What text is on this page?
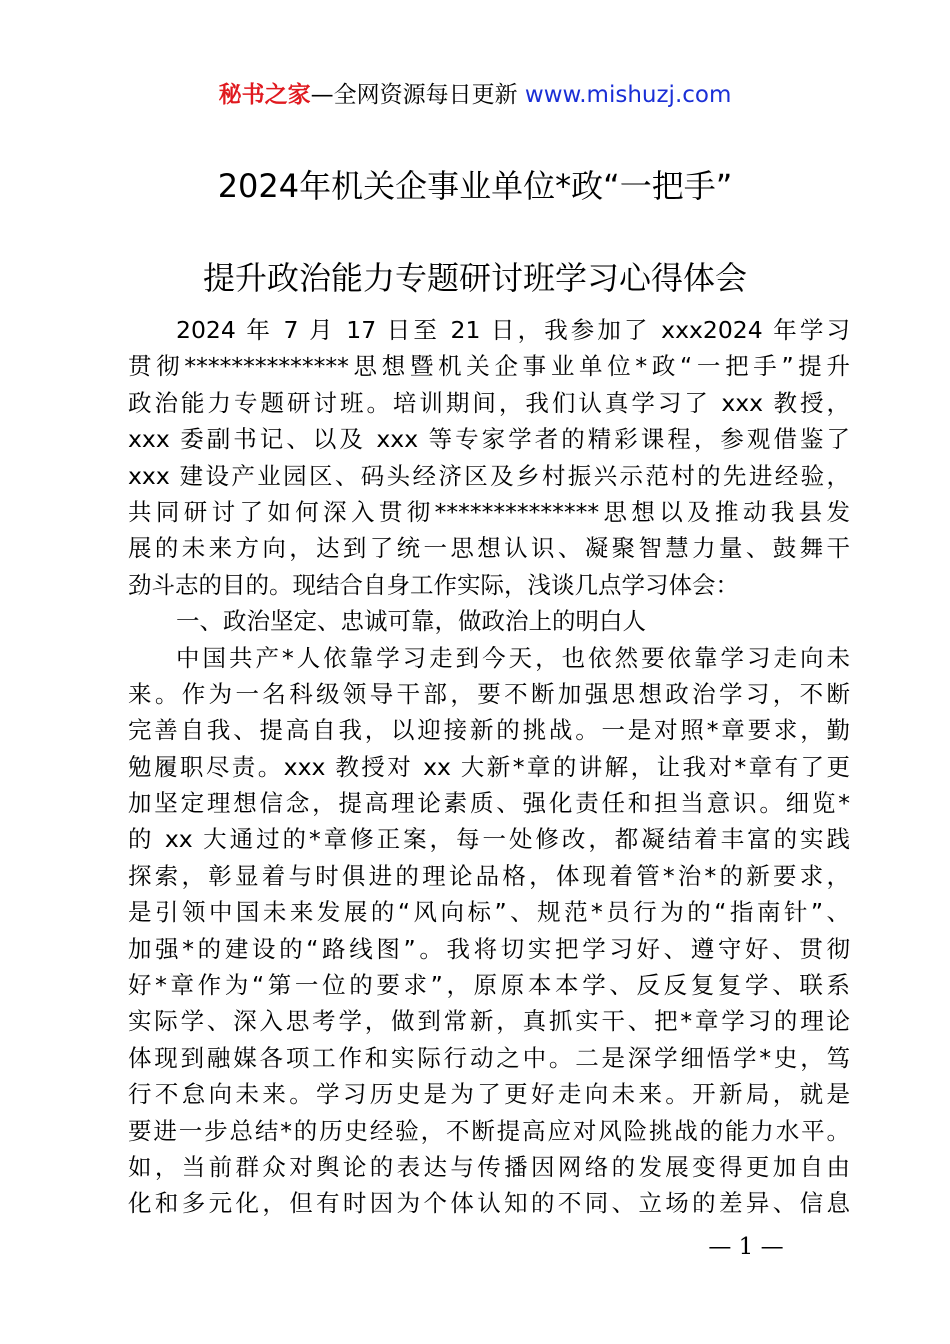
秘书之家—全网资源每日更新 www.mishuzj.com
2024年机关企事业单位*政“一把手”
提升政治能力专题研讨班学习心得体会
2024 年 7 月 17 日至 21 日，我参加了 xxx2024 年学习
贯彻**************思想暨机关企事业单位*政“一把手”提升
政治能力专题研讨班。培训期间，我们认真学习了 xxx 教授，
xxx 委副书记、以及 xxx 等专家学者的精彩课程，参观借鉴了
xxx 建设产业园区、码头经济区及乡村振兴示范村的先进经验，
共同研讨了如何深入贯彻**************思想以及推动我县发
展的未来方向，达到了统一思想认识、凝聚智慧力量、鼓舞干
劲斗志的目的。现结合自身工作实际，浅谈几点学习体会：
一、政治坚定、忠诚可靠，做政治上的明白人
中国共产*人依靠学习走到今天，也依然要依靠学习走向未
来。作为一名科级领导干部，要不断加强思想政治学习，不断
完善自我、提高自我，以迎接新的挑战。一是对照*章要求，勤
勉履职尽责。xxx 教授对 xx 大新*章的讲解，让我对*章有了更
加坚定理想信念，提高理论素质、强化责任和担当意识。细览*
的 xx 大通过的*章修正案，每一处修改，都凝结着丰富的实践
探索，彰显着与时俱进的理论品格，体现着管*治*的新要求，
是引领中国未来发展的“风向标”、规范*员行为的“指南针”、
加强*的建设的“路线图”。我将切实把学习好、遵守好、贯彻
好*章作为“第一位的要求”，原原本本学、反反复复学、联系
实际学、深入思考学，做到常新，真抓实干、把*章学习的理论
体现到融媒各项工作和实际行动之中。二是深学细悟学*史，笃
行不怠向未来。学习历史是为了更好走向未来。开新局，就是
要进一步总结*的历史经验，不断提高应对风险挑战的能力水平。
如，当前群众对舆论的表达与传播因网络的发展变得更加自由
化和多元化，但有时因为个体认知的不同、立场的差异、信息
— 1 —
